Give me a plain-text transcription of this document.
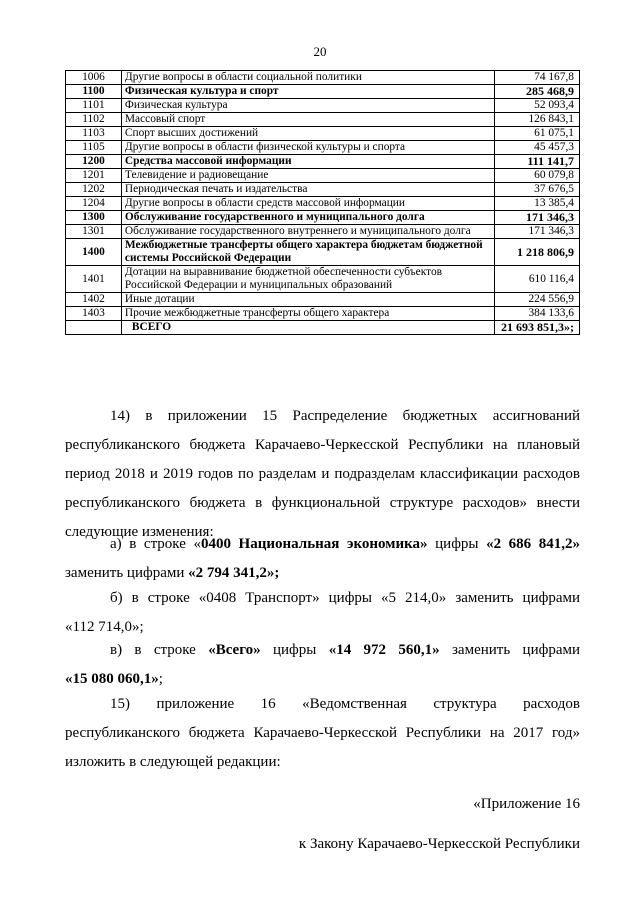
20
1006	Другие вопросы в области социальной политики	74 167,8
1100	Физическая культура и спорт	285 468,9
1101	Физическая культура	52 093,4
1102	Массовый спорт	126 843,1
1103	Спорт высших достижений	61 075,1
1105	Другие вопросы в области физической культуры и спорта	45 457,3
1200	Средства массовой информации	111 141,7
1201	Телевидение и радиовещание	60 079,8
1202	Периодическая печать и издательства	37 676,5
1204	Другие вопросы в области средств массовой информации	13 385,4
1300	Обслуживание государственного и муниципального долга	171 346,3
1301	Обслуживание государственного внутреннего и муниципального долга	171 346,3
1400	Межбюджетные трансферты общего характера бюджетам бюджетной системы Российской Федерации	1 218 806,9
1401	Дотации на выравнивание бюджетной обеспеченности субъектов Российской Федерации и муниципальных образований	610 116,4
1402	Иные дотации	224 556,9
1403	Прочие межбюджетные трансферты общего характера	384 133,6
	ВСЕГО	21 693 851,3»;
14) в приложении 15 Распределение бюджетных ассигнований
республиканского бюджета Карачаево-Черкесской Республики на плановый
период 2018 и 2019 годов по разделам и подразделам классификации расходов
республиканского бюджета в функциональной структуре расходов» внести
следующие изменения:
а) в строке «0400 Национальная экономика» цифры «2 686 841,2»
заменить цифрами «2 794 341,2»;
б) в строке «0408 Транспорт» цифры «5 214,0» заменить цифрами
«112 714,0»;
в) в строке «Всего» цифры «14 972 560,1» заменить цифрами
«15 080 060,1»;
15) приложение 16 «Ведомственная структура расходов
республиканского бюджета Карачаево-Черкесской Республики на 2017 год»
изложить в следующей редакции:
«Приложение 16
к Закону Карачаево-Черкесской Республики
